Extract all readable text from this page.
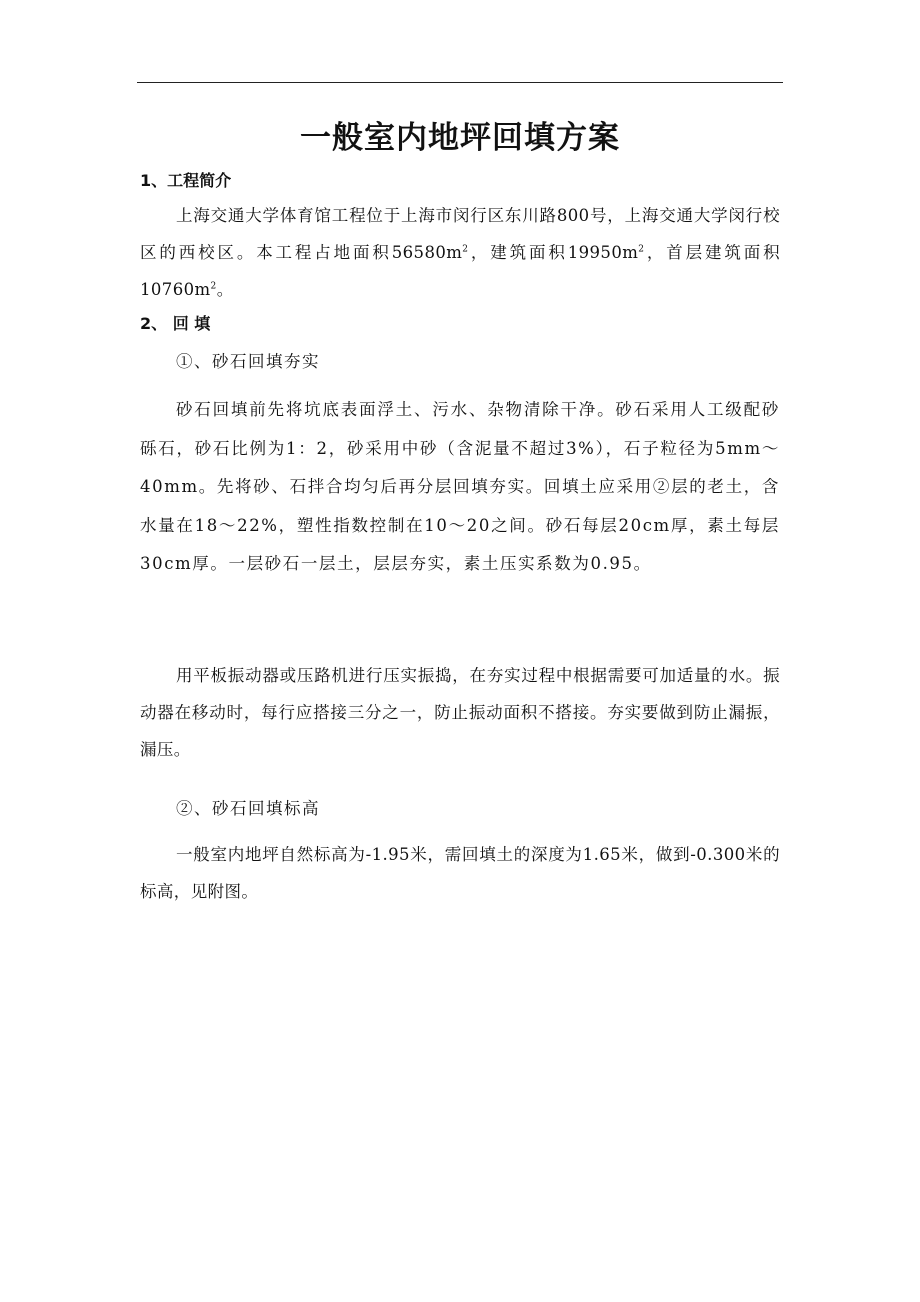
一般室内地坪回填方案
1、工程简介

上海交通大学体育馆工程位于上海市闵行区东川路800号，上海交通大学闵行校区的西校区。本工程占地面积$56580m^2$，建筑面积$19950m^2$，首层建筑面积$10760m^2$。

2、 回 填
①、砂石回填夯实

砂石回填前先将坑底表面浮土、污水、杂物清除干净。砂石采用人工级配砂砾石，砂石比例为1：2，砂采用中砂（含泥量不超过3%），石子粒径为5mm～40mm。先将砂、石拌合均匀后再分层回填夯实。回填土应采用②层的老土，含水量在18～22%，塑性指数控制在10～20之间。砂石每层20cm厚，素土每层30cm厚。一层砂石一层土，层层夯实，素土压实系数为0.95。

用平板振动器或压路机进行压实振捣，在夯实过程中根据需要可加适量的水。振动器在移动时，每行应搭接三分之一，防止振动面积不搭接。夯实要做到防止漏振，漏压。

②、砂石回填标高

一般室内地坪自然标高为-1.95米，需回填土的深度为1.65米，做到-0.300米的标高，见附图。
